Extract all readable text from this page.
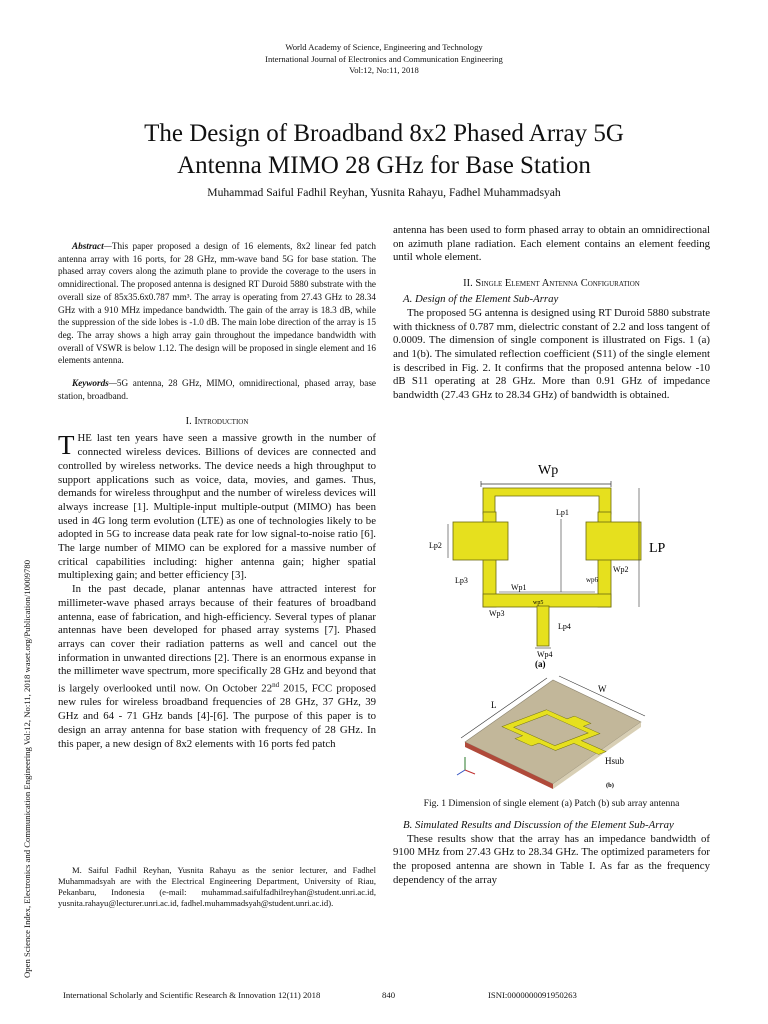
World Academy of Science, Engineering and Technology
International Journal of Electronics and Communication Engineering
Vol:12, No:11, 2018
The Design of Broadband 8x2 Phased Array 5G
Antenna MIMO 28 GHz for Base Station
Muhammad Saiful Fadhil Reyhan, Yusnita Rahayu, Fadhel Muhammadsyah
Open Science Index, Electronics and Communication Engineering Vol:12, No:11, 2018 waset.org/Publication/10009780

Abstract—This paper proposed a design of 16 elements, 8x2 linear fed patch antenna array with 16 ports, for 28 GHz, mm-wave band 5G for base station. The phased array covers along the azimuth plane to provide the coverage to the users in omnidirectional. The proposed antenna is designed RT Duroid 5880 substrate with the overall size of 85x35.6x0.787 mm³. The array is operating from 27.43 GHz to 28.34 GHz with a 910 MHz impedance bandwidth. The gain of the array is 18.3 dB, while the suppression of the side lobes is -1.0 dB. The main lobe direction of the array is 15 deg. The array shows a high array gain throughout the impedance bandwidth with overall of VSWR is below 1.12. The design will be proposed in single element and 16 elements antenna.

Keywords—5G antenna, 28 GHz, MIMO, omnidirectional, phased array, base station, broadband.

I. Introduction

THE last ten years have seen a massive growth in the number of connected wireless devices. Billions of devices are connected and controlled by wireless networks. The device needs a high throughput to support applications such as voice, data, movies, and games. Thus, demands for wireless throughput and the number of wireless devices will always increase [1]. Multiple-input multiple-output (MIMO) has been used in 4G long term evolution (LTE) as one of technologies likely to be adopted in 5G to increase data peak rate for low signal-to-noise ratio [6]. The large number of MIMO can be explored for a massive number of critical capabilities including: higher antenna gain; higher spatial multiplexing gain; and better efficiency [3].

In the past decade, planar antennas have attracted interest for millimeter-wave phased arrays because of their features of broadband antenna, ease of fabrication, and high-efficiency. Several types of planar antennas have been developed for phased array systems [7]. Phased arrays can cover their radiation patterns as well and cancel out the information in unwanted directions [2]. There is an enormous expanse in the millimeter wave spectrum, more specifically 28 GHz and beyond that is largely overlooked until now. On October 22nd 2015, FCC proposed new rules for wireless broadband frequencies of 28 GHz, 37 GHz, 39 GHz and 64 - 71 GHz bands [4]-[6]. The purpose of this paper is to design an array antenna for base station with frequency of 28 GHz. In this paper, a new design of 8x2 elements with 16 ports fed patch

M. Saiful Fadhil Reyhan, Yusnita Rahayu as the senior lecturer, and Fadhel Muhammadsyah are with the Electrical Engineering Department, University of Riau, Pekanbaru, Indonesia (e-mail: muhammad.saifulfadhilreyhan@student.unri.ac.id, yusnita.rahayu@lecturer.unri.ac.id, fadhel.muhammadsyah@student.unri.ac.id).

antenna has been used to form phased array to obtain an omnidirectional on azimuth plane radiation. Each element contains an element feeding until whole element.

II. Single Element Antenna Configuration
A. Design of the Element Sub-Array

The proposed 5G antenna is designed using RT Duroid 5880 substrate with thickness of 0.787 mm, dielectric constant of 2.2 and loss tangent of 0.0009. The dimension of single component is illustrated on Figs. 1 (a) and 1(b). The simulated reflection coefficient (S11) of the single element is described in Fig. 2. It confirms that the proposed antenna below -10 dB S11 operating at 28 GHz. More than 0.91 GHz of impedance bandwidth (27.43 GHz to 28.34 GHz) of bandwidth is obtained.

Wp
Lp1
Lp2
Lp3
Wp1
wp6
Wp2
LP
wp5
Wp3
Lp4
Wp4
(a)
W
L
Hsub
(b)
Fig. 1 Dimension of single element (a) Patch (b) sub array antenna
B. Simulated Results and Discussion of the Element Sub-Array

These results show that the array has an impedance bandwidth of 9100 MHz from 27.43 GHz to 28.34 GHz. The optimized parameters for the proposed antenna are shown in Table I. As far as the frequency dependency of the array

International Scholarly and Scientific Research & Innovation 12(11) 2018	840	ISNI:0000000091950263
